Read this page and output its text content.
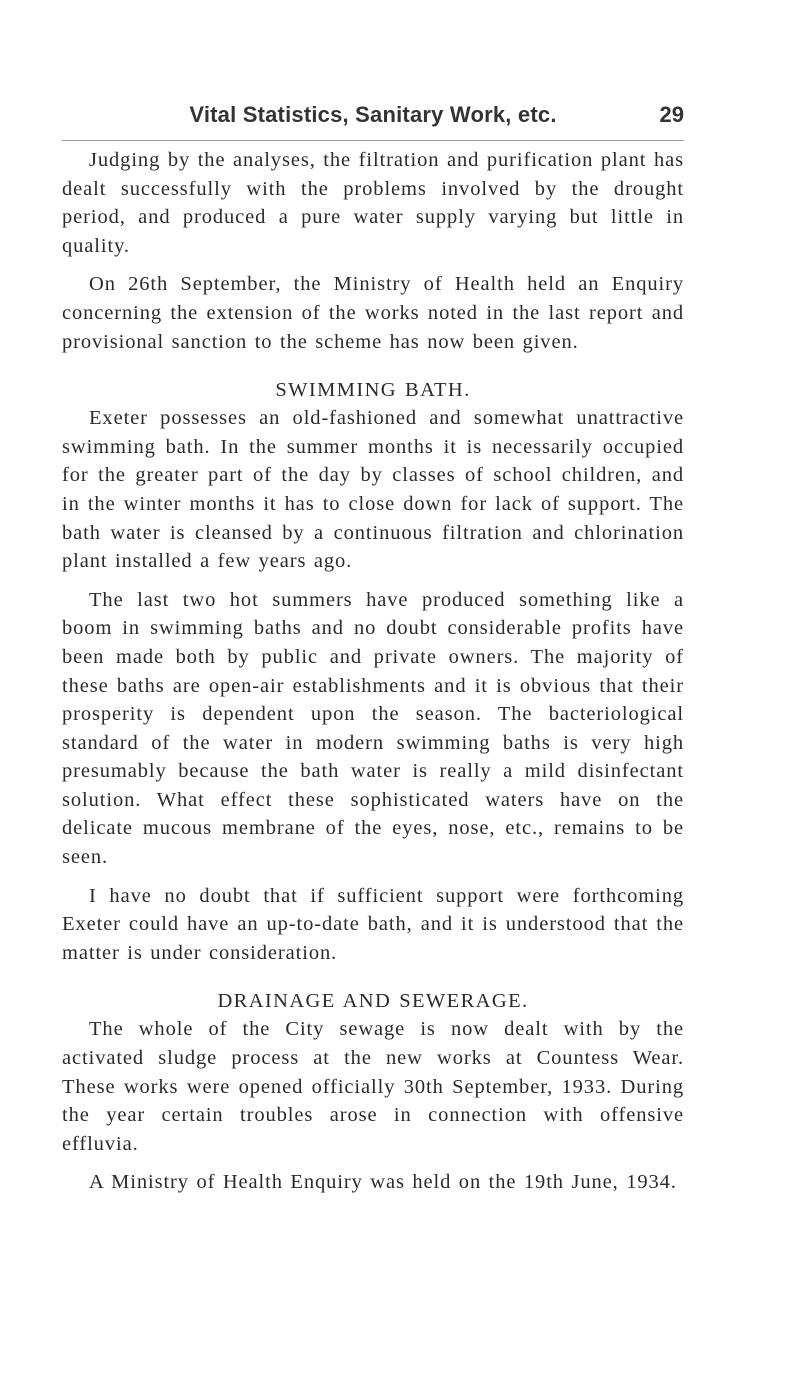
Vital Statistics, Sanitary Work, etc.	29

Judging by the analyses, the filtration and purification plant has dealt successfully with the problems involved by the drought period, and produced a pure water supply varying but little in quality.

On 26th September, the Ministry of Health held an Enquiry concerning the extension of the works noted in the last report and provisional sanction to the scheme has now been given.

SWIMMING BATH.

Exeter possesses an old-fashioned and somewhat unattractive swimming bath. In the summer months it is necessarily occupied for the greater part of the day by classes of school children, and in the winter months it has to close down for lack of support. The bath water is cleansed by a continuous filtration and chlorination plant installed a few years ago.

The last two hot summers have produced something like a boom in swimming baths and no doubt considerable profits have been made both by public and private owners. The majority of these baths are open-air establishments and it is obvious that their prosperity is dependent upon the season. The bacteriological standard of the water in modern swimming baths is very high presumably because the bath water is really a mild disinfectant solution. What effect these sophisticated waters have on the delicate mucous membrane of the eyes, nose, etc., remains to be seen.

I have no doubt that if sufficient support were forthcoming Exeter could have an up-to-date bath, and it is understood that the matter is under consideration.

DRAINAGE AND SEWERAGE.

The whole of the City sewage is now dealt with by the activated sludge process at the new works at Countess Wear. These works were opened officially 30th September, 1933. During the year certain troubles arose in connection with offensive effluvia.

A Ministry of Health Enquiry was held on the 19th June, 1934.
